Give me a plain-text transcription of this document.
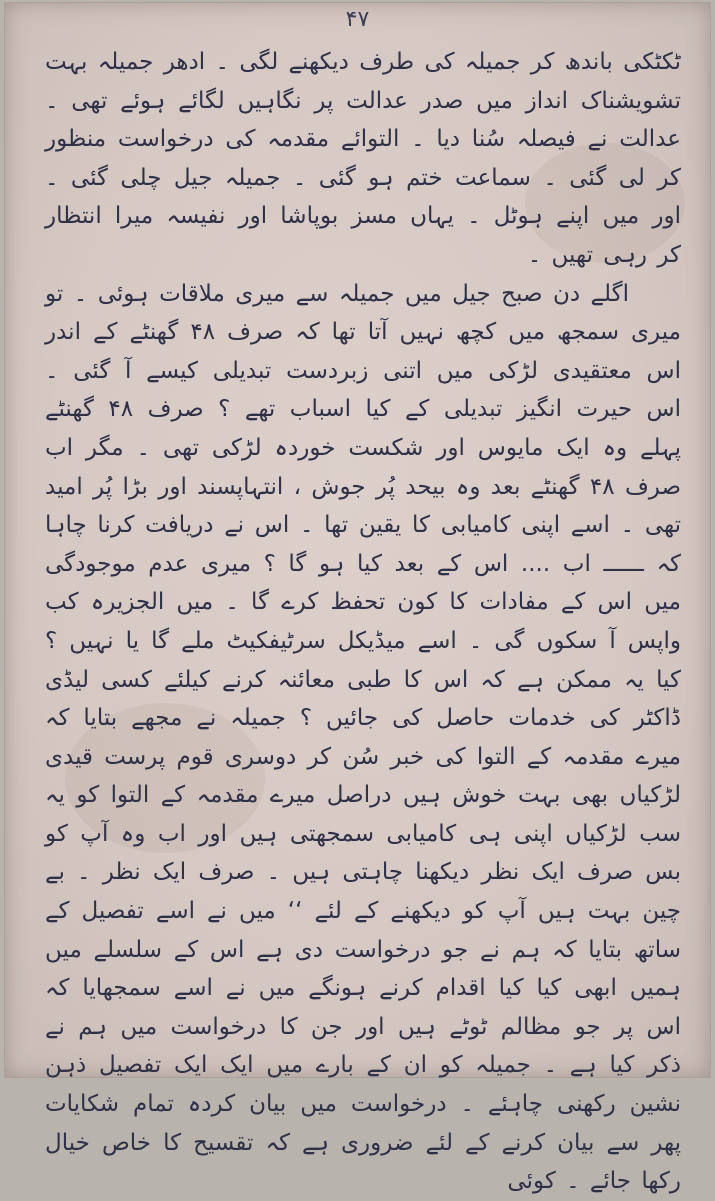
۴۷

ٹکٹکی باندھ کر جمیلہ کی طرف دیکھنے لگی ۔ ادھر جمیلہ بہت تشویشناک انداز میں صدر عدالت پر نگاہیں لگائے ہوئے تھی ۔ عدالت نے فیصلہ سُنا دیا ۔ التوائے مقدمہ کی درخواست منظور کر لی گئی ۔ سماعت ختم ہو گئی ۔ جمیلہ جیل چلی گئی ۔ اور میں اپنے ہوٹل ۔ یہاں مسز بوپاشا اور نفیسہ میرا انتظار کر رہی تھیں ۔

اگلے دن صبح جیل میں جمیلہ سے میری ملاقات ہوئی ۔ تو میری سمجھ میں کچھ نہیں آتا تھا کہ صرف ۴۸ گھنٹے کے اندر اس معتقیدی لڑکی میں اتنی زبردست تبدیلی کیسے آ گئی ۔ اس حیرت انگیز تبدیلی کے کیا اسباب تھے ؟ صرف ۴۸ گھنٹے پہلے وہ ایک مایوس اور شکست خوردہ لڑکی تھی ۔ مگر اب صرف ۴۸ گھنٹے بعد وہ بیحد پُر جوش ، انتہاپسند اور بڑا پُر امید تھی ۔ اسے اپنی کامیابی کا یقین تھا ۔ اس نے دریافت کرنا چاہا کہ ــــــ اب .... اس کے بعد کیا ہو گا ؟ میری عدم موجودگی میں اس کے مفادات کا کون تحفظ کرے گا ۔ میں الجزیرہ کب واپس آ سکوں گی ۔ اسے میڈیکل سرٹیفکیٹ ملے گا یا نہیں ؟ کیا یہ ممکن ہے کہ اس کا طبی معائنہ کرنے کیلئے کسی لیڈی ڈاکٹر کی خدمات حاصل کی جائیں ؟ جمیلہ نے مجھے بتایا کہ میرے مقدمہ کے التوا کی خبر سُن کر دوسری قوم پرست قیدی لڑکیاں بھی بہت خوش ہیں دراصل میرے مقدمہ کے التوا کو یہ سب لڑکیاں اپنی ہی کامیابی سمجھتی ہیں اور اب وہ آپ کو بس صرف ایک نظر دیکھنا چاہتی ہیں ۔ صرف ایک نظر ۔ بے چین بہت ہیں آپ کو دیکھنے کے لئے ‘‘ میں نے اسے تفصیل کے ساتھ بتایا کہ ہم نے جو درخواست دی ہے اس کے سلسلے میں ہمیں ابھی کیا کیا اقدام کرنے ہونگے میں نے اسے سمجھایا کہ اس پر جو مظالم ٹوٹے ہیں اور جن کا درخواست میں ہم نے ذکر کیا ہے ۔ جمیلہ کو ان کے بارے میں ایک ایک تفصیل ذہن نشین رکھنی چاہئے ۔ درخواست میں بیان کردہ تمام شکایات پھر سے بیان کرنے کے لئے ضروری ہے کہ تقسیح کا خاص خیال رکھا جائے ۔ کوئی
